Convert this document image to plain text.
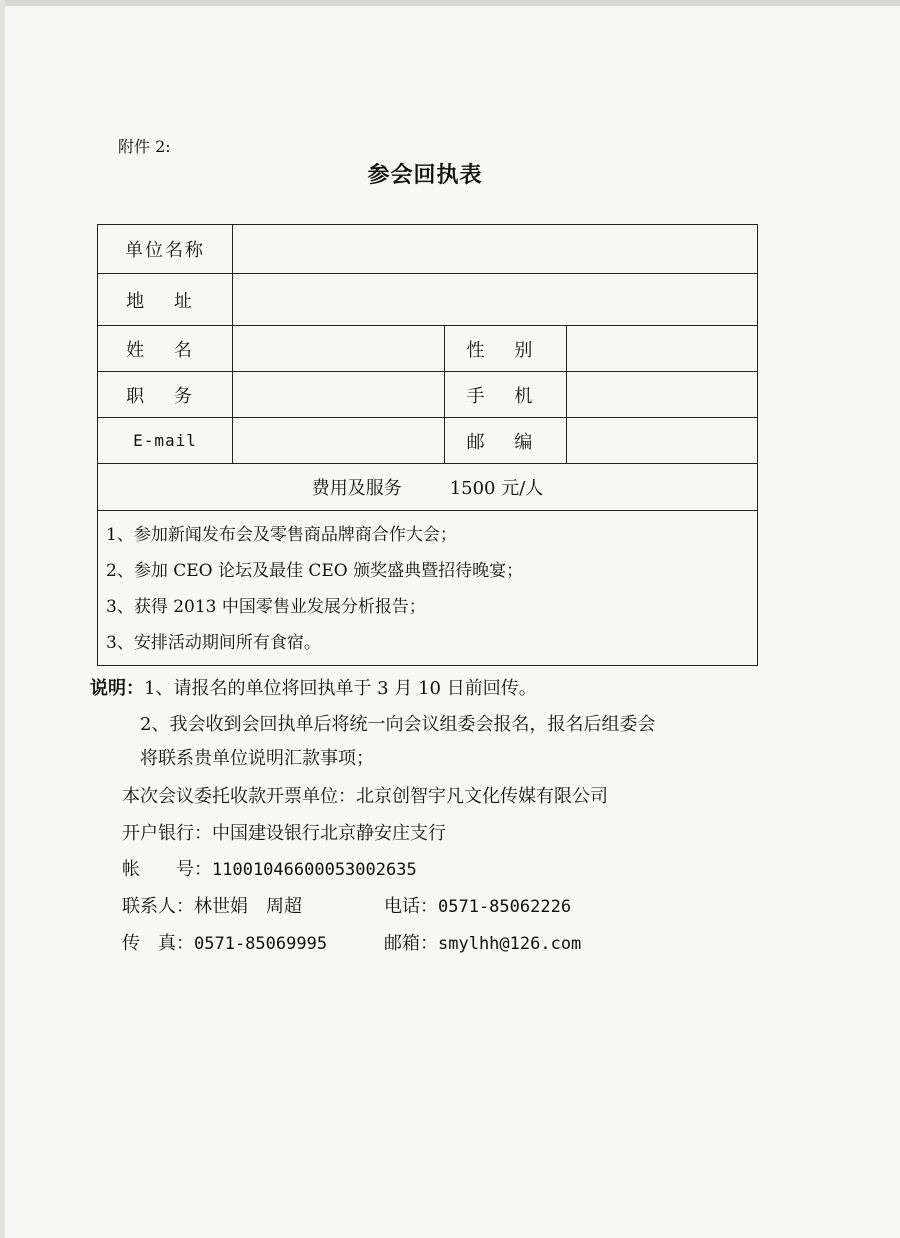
附件 2:
参会回执表
单位名称			
地 址			
姓 名		性 别	
职 务		手 机	
E-mail		邮 编	
费用及服务 1500 元/人			

1、参加新闻发布会及零售商品牌商合作大会；
2、参加 CEO 论坛及最佳 CEO 颁奖盛典暨招待晚宴；
3、获得 2013 中国零售业发展分析报告；
3、安排活动期间所有食宿。			
说明：1、请报名的单位将回执单于 3 月 10 日前回传。
2、我会收到会回执单后将统一向会议组委会报名，报名后组委会
将联系贵单位说明汇款事项；
本次会议委托收款开票单位：北京创智宇凡文化传媒有限公司
开户银行：中国建设银行北京静安庄支行
帐　　号：11001046600053002635
联系人：林世娟　周超	电话：0571-85062226
传　真：0571-85069995	邮箱：smylhh@126.com
